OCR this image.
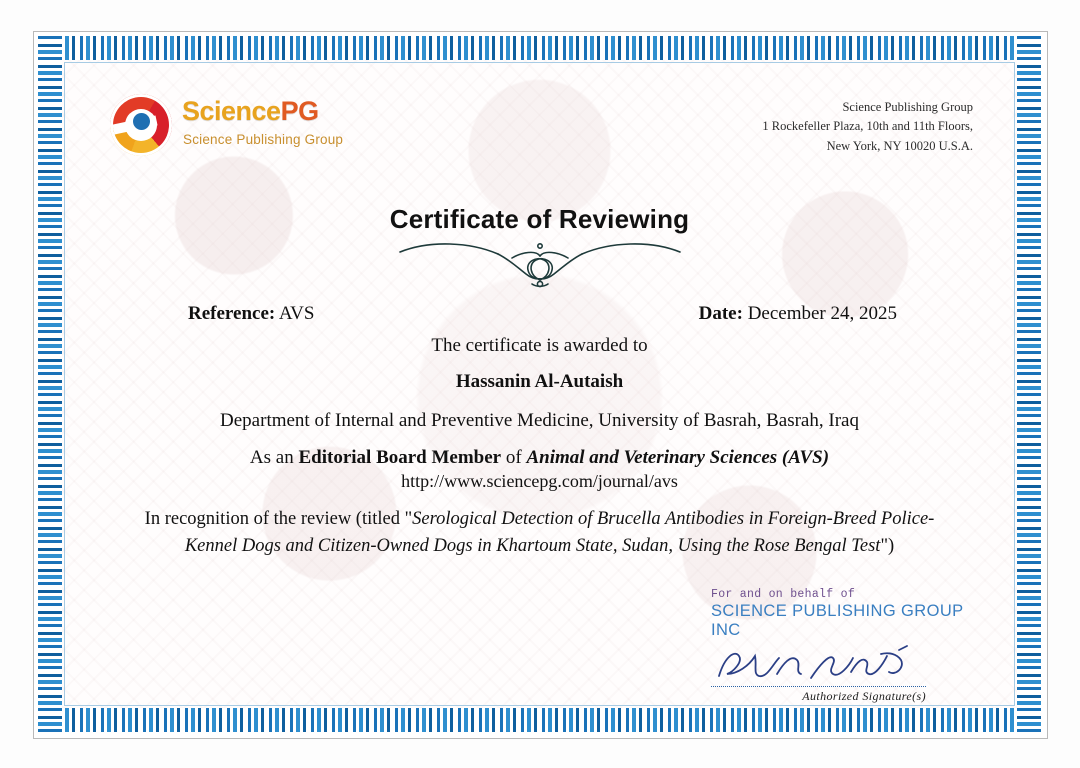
SciencePG
Science Publishing Group
Science Publishing Group
1 Rockefeller Plaza, 10th and 11th Floors,
New York, NY 10020 U.S.A.
Certificate of Reviewing
Reference: AVS	Date: December 24, 2025
The certificate is awarded to
Hassanin Al-Autaish
Department of Internal and Preventive Medicine, University of Basrah, Basrah, Iraq
As an Editorial Board Member of Animal and Veterinary Sciences (AVS)
http://www.sciencepg.com/journal/avs
In recognition of the review (titled "Serological Detection of Brucella Antibodies in Foreign-Breed Police-Kennel Dogs and Citizen-Owned Dogs in Khartoum State, Sudan, Using the Rose Bengal Test")
For and on behalf of
SCIENCE PUBLISHING GROUP INC
Authorized Signature(s)
